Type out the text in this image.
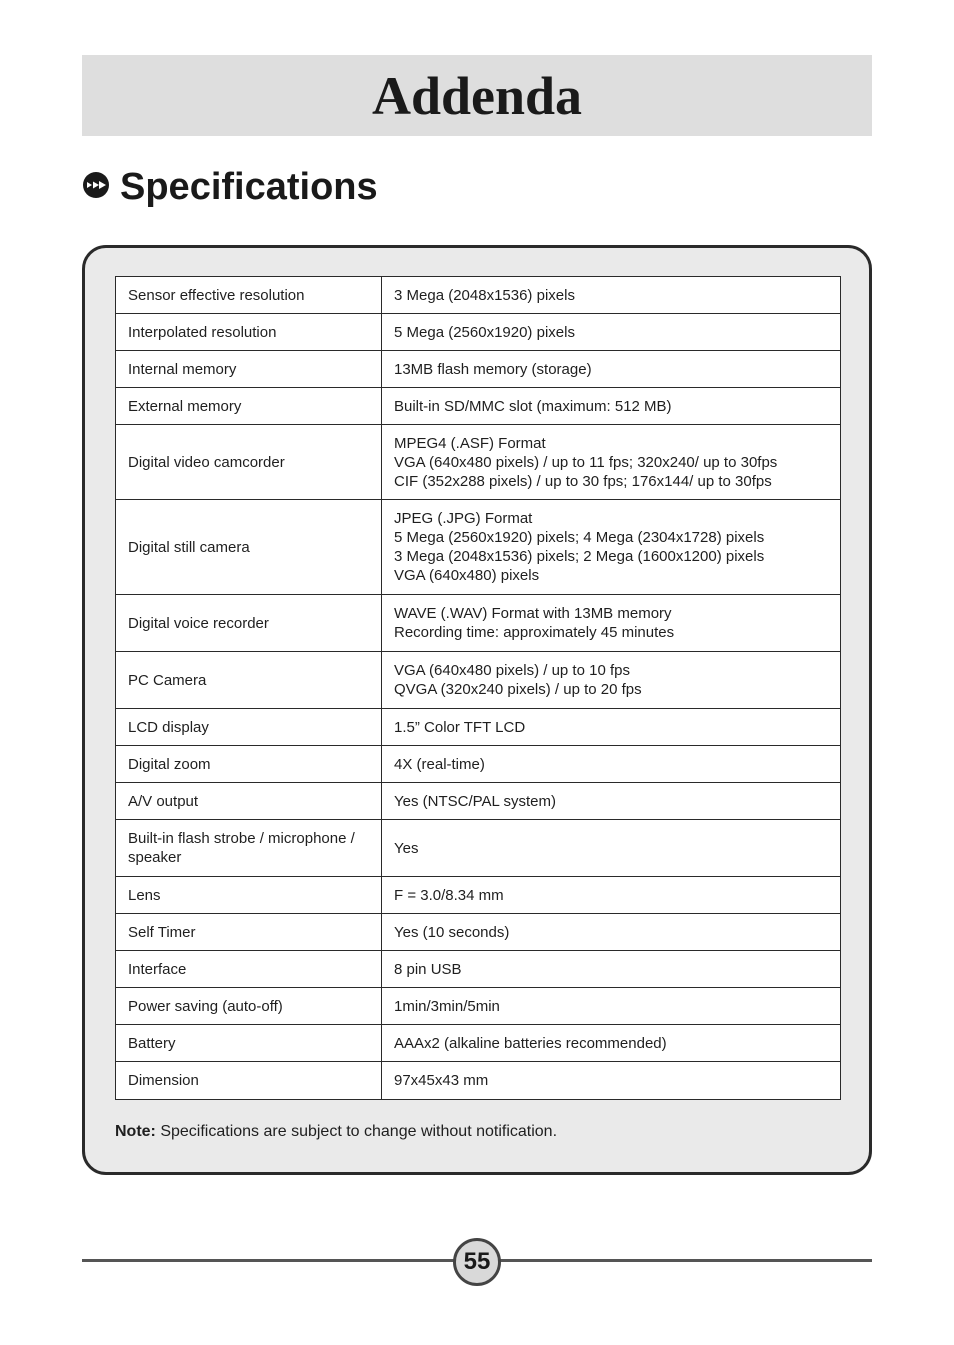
Addenda
Specifications
Sensor effective resolution	3 Mega (2048x1536) pixels

Interpolated resolution	5 Mega (2560x1920) pixels

Internal memory	13MB flash memory (storage)

External memory	Built-in SD/MMC slot (maximum: 512 MB)

Digital video camcorder	MPEG4 (.ASF) Format
VGA (640x480 pixels) / up to 11 fps; 320x240/ up to 30fps
CIF (352x288 pixels) / up to 30 fps; 176x144/ up to 30fps

Digital still camera	JPEG (.JPG) Format
5 Mega (2560x1920) pixels; 4 Mega (2304x1728) pixels
3 Mega (2048x1536) pixels; 2 Mega (1600x1200) pixels
VGA (640x480) pixels

Digital voice recorder	WAVE (.WAV) Format with 13MB memory
Recording time: approximately 45 minutes

PC Camera	VGA (640x480 pixels) / up to 10 fps
QVGA (320x240 pixels) / up to 20 fps

LCD display	1.5” Color TFT LCD

Digital zoom	4X (real-time)

A/V output	Yes (NTSC/PAL system)

Built-in flash strobe / microphone / speaker	Yes

Lens	F = 3.0/8.34 mm

Self Timer	Yes (10 seconds)

Interface	8 pin USB

Power saving (auto-off)	1min/3min/5min

Battery	AAAx2 (alkaline batteries recommended)

Dimension	97x45x43 mm
Note: Specifications are subject to change without notification.
55
